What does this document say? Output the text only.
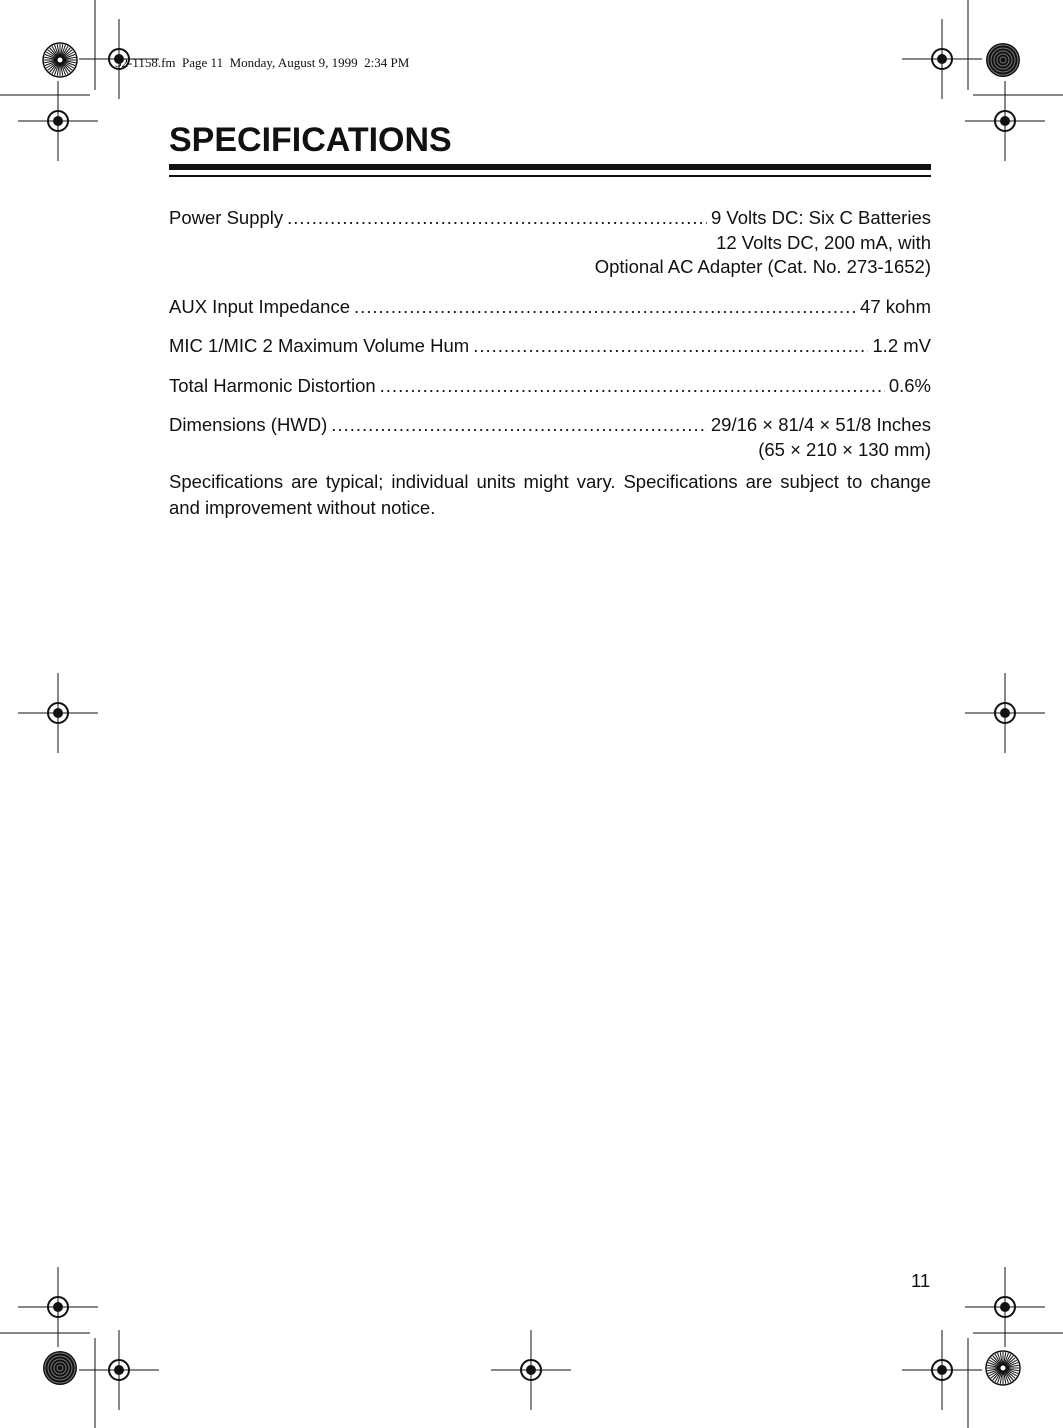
32-1158.fm  Page 11  Monday, August 9, 1999  2:34 PM
SPECIFICATIONS
Power Supply .....	9 Volts DC: Six C Batteries
12 Volts DC, 200 mA, with
Optional AC Adapter (Cat. No. 273-1652)
AUX Input Impedance .....	47 kohm
MIC 1/MIC 2 Maximum Volume Hum .....	1.2 mV
Total Harmonic Distortion .....	0.6%
Dimensions (HWD) .....	29/16 × 81/4 × 51/8 Inches
(65 × 210 × 130 mm)

Specifications are typical; individual units might vary. Specifications are subject to change and improvement without notice.

11
